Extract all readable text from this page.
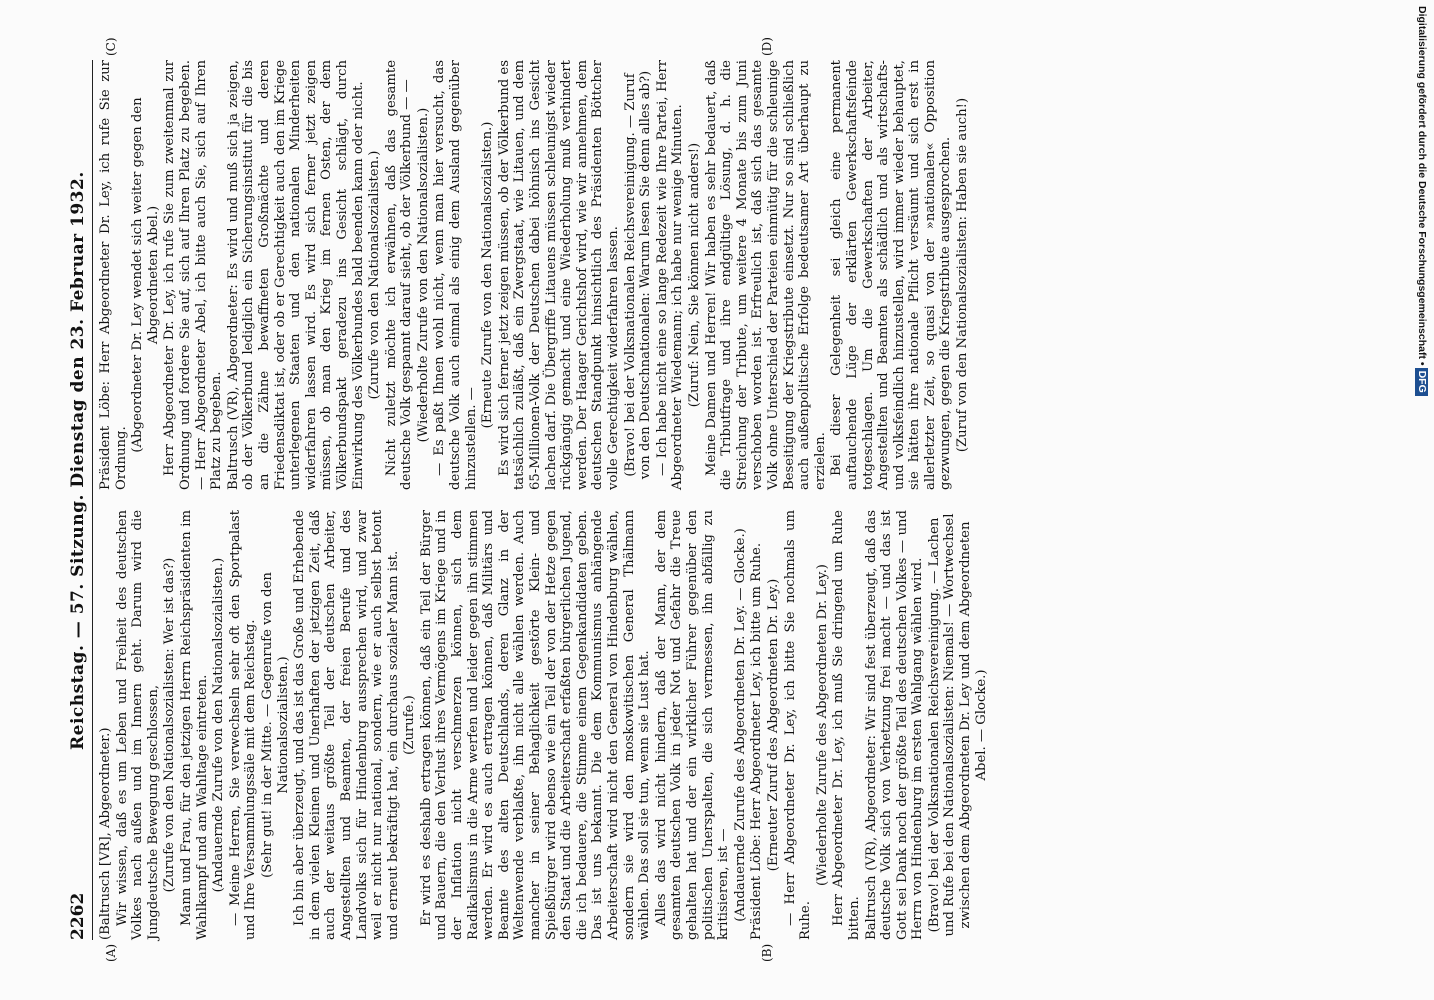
2262
Reichstag. — 57. Sitzung. Dienstag den 23. Februar 1932.
(A)	(B)
(C)	(D)

(Baltrusch [VR], Abgeordneter.) Wir wissen, daß es um Leben und Freiheit des deutschen Volkes nach außen und im Innern geht. Darum wird die Jungdeutsche Bewegung geschlossen, (Zurufe von den Nationalsozialisten: Wer ist das?) Mann und Frau, für den jetzigen Herrn Reichspräsidenten im Wahlkampf und am Wahltage eintreten. (Andauernde Zurufe von den Nationalsozialisten.) — Meine Herren, Sie verwechseln sehr oft den Sportpalast und Ihre Versammlungssäle mit dem Reichstag. (Sehr gut! in der Mitte. — Gegenrufe von den Nationalsozialisten.) Ich bin aber überzeugt, und das ist das Große und Erhebende in dem vielen Kleinen und Unerhaften der jetzigen Zeit, daß auch der weitaus größte Teil der deutschen Arbeiter, Angestellten und Beamten, der freien Berufe und des Landvolks sich für Hindenburg aussprechen wird, und zwar weil er nicht nur national, sondern, wie er auch selbst betont und erneut bekräftigt hat, ein durchaus sozialer Mann ist. (Zurufe.) Er wird es deshalb ertragen können, daß ein Teil der Bürger und Bauern, die den Verlust ihres Vermögens im Kriege und in der Inflation nicht verschmerzen können, sich dem Radikalismus in die Arme werfen und leider gegen ihn stimmen werden. Er wird es auch ertragen können, daß Militärs und Beamte des alten Deutschlands, deren Glanz in der Weltenwende verblaßte, ihn nicht alle wählen werden. Auch mancher in seiner Behaglichkeit gestörte Klein- und Spießbürger wird ebenso wie ein Teil der von der Hetze gegen den Staat und die Arbeiterschaft erfaßten bürgerlichen Jugend, die ich bedauere, die Stimme einem Gegenkandidaten geben. Das ist uns bekannt. Die dem Kommunismus anhängende Arbeiterschaft wird nicht den General von Hindenburg wählen, sondern sie wird den moskowitischen General Thälmann wählen. Das soll sie tun, wenn sie Lust hat. Alles das wird nicht hindern, daß der Mann, der dem gesamten deutschen Volk in jeder Not und Gefahr die Treue gehalten hat und der ein wirklicher Führer gegenüber den politischen Unerspalten, die sich vermessen, ihn abfällig zu kritisieren, ist — (Andauernde Zurufe des Abgeordneten Dr. Ley. — Glocke.) Präsident Löbe: Herr Abgeordneter Ley, ich bitte um Ruhe. (Erneuter Zuruf des Abgeordneten Dr. Ley.) — Herr Abgeordneter Dr. Ley, ich bitte Sie nochmals um Ruhe.

(Wiederholte Zurufe des Abgeordneten Dr. Ley.) Herr Abgeordneter Dr. Ley, ich muß Sie dringend um Ruhe bitten. Baltrusch (VR), Abgeordneter: Wir sind fest überzeugt, daß das deutsche Volk sich von Verhetzung frei macht — und das ist Gott sei Dank noch der größte Teil des deutschen Volkes — und Herrn von Hindenburg im ersten Wahlgang wählen wird. (Bravo! bei der Volksnationalen Reichsvereinigung. — Lachen und Rufe bei den Nationalsozialisten: Niemals! — Wortwechsel zwischen dem Abgeordneten Dr. Ley und dem Abgeordneten Abel. — Glocke.)

Präsident Löbe: Herr Abgeordneter Dr. Ley, ich rufe Sie zur Ordnung.

(Abgeordneter Dr. Ley wendet sich weiter gegen den Abgeordneten Abel.) Herr Abgeordneter Dr. Ley, ich rufe Sie zum zweitenmal zur Ordnung und fordere Sie auf, sich auf Ihren Platz zu begeben. — Herr Abgeordneter Abel, ich bitte auch Sie, sich auf Ihren Platz zu begeben. Baltrusch (VR), Abgeordneter: Es wird und muß sich ja zeigen, ob der Völkerbund lediglich ein Sicherungsinstitut für die bis an die Zähne bewaffneten Großmächte und deren Friedensdiktat ist, oder ob er Gerechtigkeit auch den im Kriege unterlegenen Staaten und den nationalen Minderheiten widerfahren lassen wird. Es wird sich ferner jetzt zeigen müssen, ob man den Krieg im fernen Osten, der dem Völkerbundspakt geradezu ins Gesicht schlägt, durch Einwirkung des Völkerbundes bald beenden kann oder nicht. (Zurufe von den Nationalsozialisten.) Nicht zuletzt möchte ich erwähnen, daß das gesamte deutsche Volk gespannt darauf sieht, ob der Völkerbund — — (Wiederholte Zurufe von den Nationalsozialisten.) — Es paßt Ihnen wohl nicht, wenn man hier versucht, das deutsche Volk auch einmal als einig dem Ausland gegenüber hinzustellen. —

(Erneute Zurufe von den Nationalsozialisten.) Es wird sich ferner jetzt zeigen müssen, ob der Völkerbund es tatsächlich zuläßt, daß ein Zwergstaat, wie Litauen, und dem 65-Millionen-Volk der Deutschen dabei höhnisch ins Gesicht lachen darf. Die Übergriffe Litauens müssen schleunigst wieder rückgängig gemacht und eine Wiederholung muß verhindert werden. Der Haager Gerichtshof wird, wie wir annehmen, dem deutschen Standpunkt hinsichtlich des Präsidenten Böttcher volle Gerechtigkeit widerfahren lassen. (Bravo! bei der Volksnationalen Reichsvereinigung. — Zuruf von den Deutschnationalen: Warum lesen Sie denn alles ab?) — Ich habe nicht eine so lange Redezeit wie Ihre Partei, Herr Abgeordneter Wiedemann; ich habe nur wenige Minuten. (Zuruf: Nein, Sie können nicht anders!) Meine Damen und Herren! Wir haben es sehr bedauert, daß die Tributfrage und ihre endgültige Lösung, d. h. die Streichung der Tribute, um weitere 4 Monate bis zum Juni verschoben worden ist. Erfreulich ist, daß sich das gesamte Volk ohne Unterschied der Parteien einmütig für die schleunige Beseitigung der Kriegstribute einsetzt. Nur so sind schließlich auch außenpolitische Erfolge bedeutsamer Art überhaupt zu erzielen. Bei dieser Gelegenheit sei gleich eine permanent auftauchende Lüge der erklärten Gewerkschaftsfeinde totgeschlagen. Um die Gewerkschaften der Arbeiter, Angestellten und Beamten als schädlich und als wirtschafts- und volksfeindlich hinzustellen, wird immer wieder behauptet, sie hätten ihre nationale Pflicht versäumt und sich erst in allerletzter Zeit, so quasi von der »nationalen« Opposition gezwungen, gegen die Kriegstribute ausgesprochen. (Zuruf von den Nationalsozialisten: Haben sie auch!)	Digitalisierung gefördert durch die Deutsche Forschungsgemeinschaft •DFG
